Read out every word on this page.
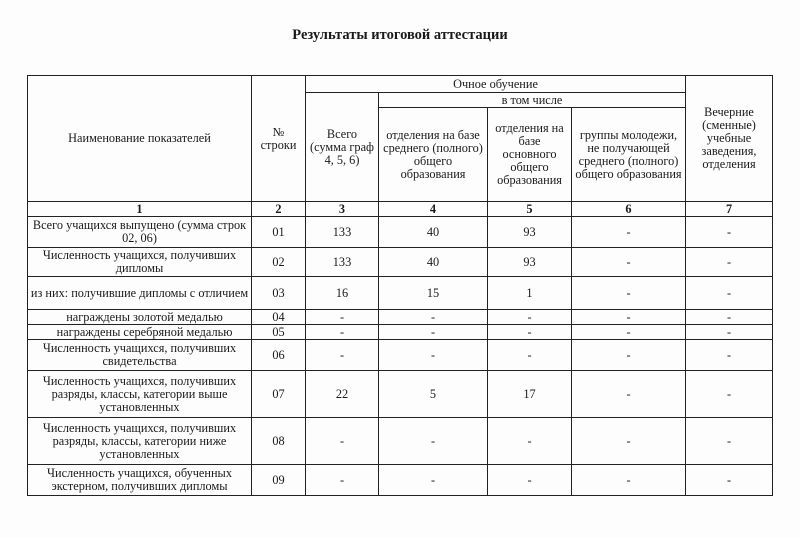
Результаты итоговой аттестации
Наименование показателей	№ строки	Очное обучение				Вечерние (сменные) учебные заведения, отделения
		Всего (сумма граф 4, 5, 6)	в том числе			
			отделения на базе среднего (полного) общего образования	отделения на базе основного общего образования	группы молодежи, не получающей среднего (полного) общего образования	
1	2	3	4	5	6	7
Всего учащихся выпущено (сумма строк 02, 06)	01	133	40	93	-	-
Численность учащихся, получивших дипломы	02	133	40	93	-	-
из них: получившие дипломы с отличием	03	16	15	1	-	-
награждены золотой медалью	04	-	-	-	-	-
награждены серебряной медалью	05	-	-	-	-	-
Численность учащихся, получивших свидетельства	06	-	-	-	-	-
Численность учащихся, получивших разряды, классы, категории выше установленных	07	22	5	17	-	-
Численность учащихся, получивших разряды, классы, категории ниже установленных	08	-	-	-	-	-
Численность учащихся, обученных экстерном, получивших дипломы	09	-	-	-	-	-
